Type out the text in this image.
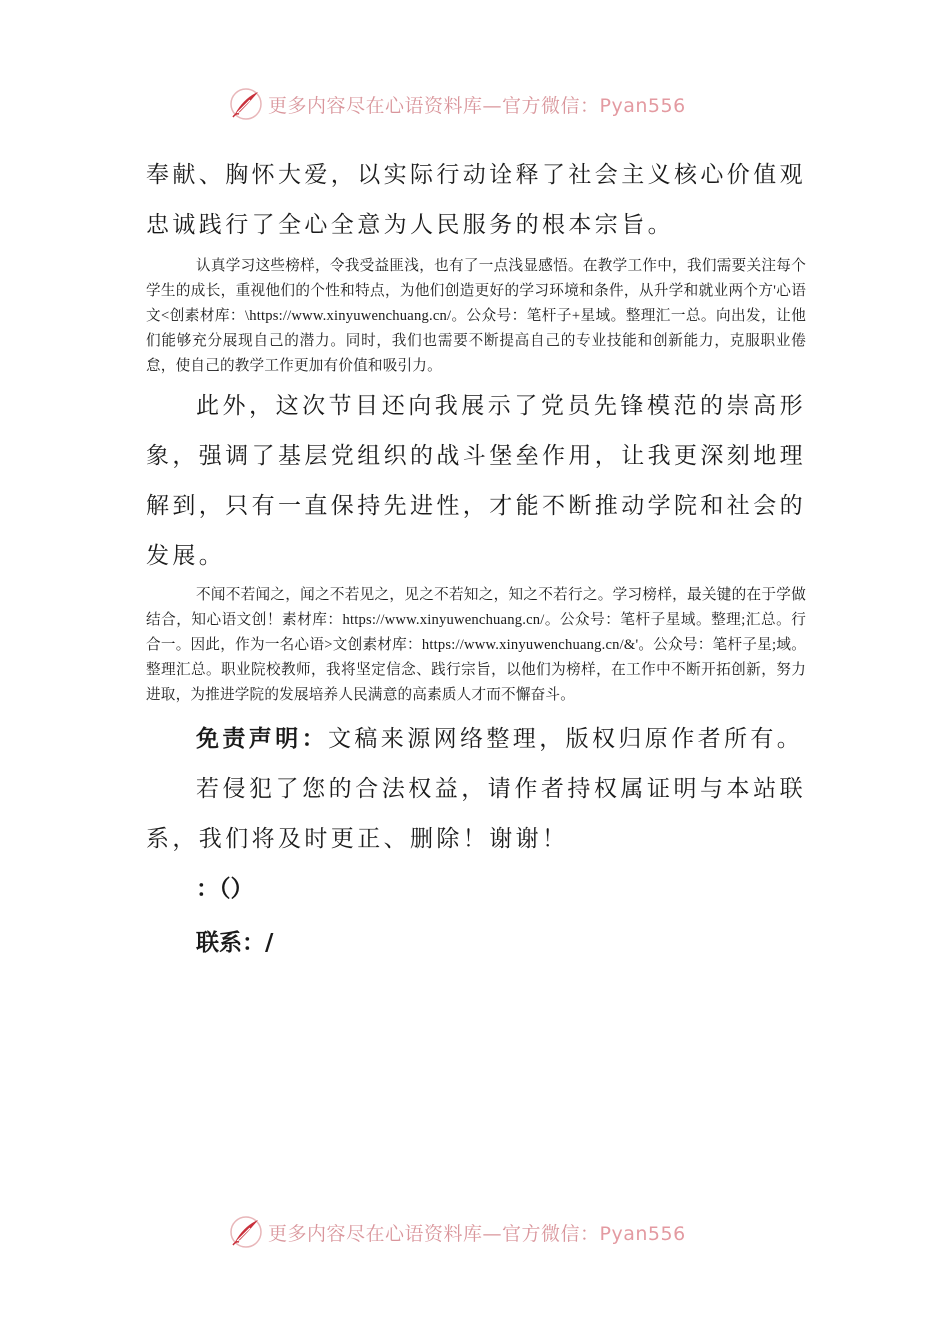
更多内容尽在心语资料库—官方微信：Pyan556

奉献、胸怀大爱，以实际行动诠释了社会主义核心价值观忠诚践行了全心全意为人民服务的根本宗旨。

认真学习这些榜样，令我受益匪浅，也有了一点浅显感悟。在教学工作中，我们需要关注每个学生的成长，重视他们的个性和特点，为他们创造更好的学习环境和条件，从升学和就业两个方'心语文<创素材库：\https://www.xinyuwenchuang.cn/。公众号：笔杆子+星域。整理汇一总。向出发，让他们能够充分展现自己的潜力。同时，我们也需要不断提高自己的专业技能和创新能力，克服职业倦怠，使自己的教学工作更加有价值和吸引力。

此外，这次节目还向我展示了党员先锋模范的崇高形象，强调了基层党组织的战斗堡垒作用，让我更深刻地理解到，只有一直保持先进性，才能不断推动学院和社会的发展。

不闻不若闻之，闻之不若见之，见之不若知之，知之不若行之。学习榜样，最关键的在于学做结合，知心语文创！素材库：https://www.xinyuwenchuang.cn/。公众号：笔杆子星域。整理;汇总。行合一。因此，作为一名心语>文创素材库：https://www.xinyuwenchuang.cn/&'。公众号：笔杆子星;域。整理汇总。职业院校教师，我将坚定信念、践行宗旨，以他们为榜样，在工作中不断开拓创新，努力进取，为推进学院的发展培养人民满意的高素质人才而不懈奋斗。

免责声明：文稿来源网络整理，版权归原作者所有。

若侵犯了您的合法权益，请作者持权属证明与本站联系，我们将及时更正、删除！谢谢！

：（）

联系：/

更多内容尽在心语资料库—官方微信：Pyan556
